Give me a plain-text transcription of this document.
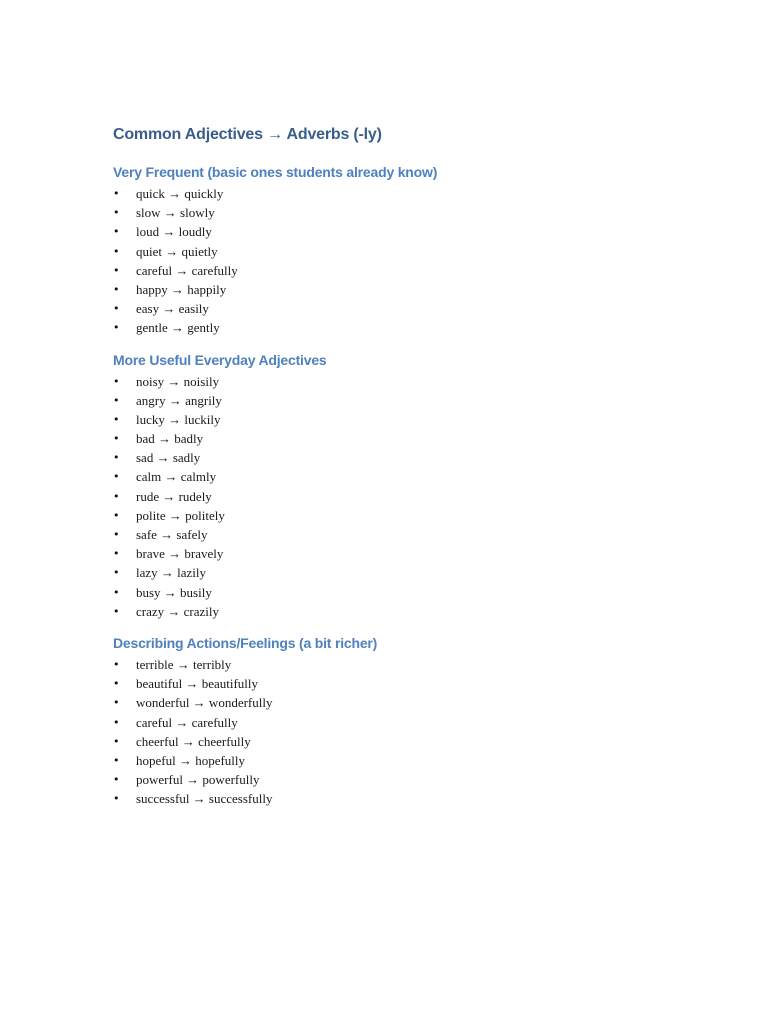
Common Adjectives → Adverbs (-ly)
Very Frequent (basic ones students already know)
• quick → quickly
• slow → slowly
• loud → loudly
• quiet → quietly
• careful → carefully
• happy → happily
• easy → easily
• gentle → gently
More Useful Everyday Adjectives
• noisy → noisily
• angry → angrily
• lucky → luckily
• bad → badly
• sad → sadly
• calm → calmly
• rude → rudely
• polite → politely
• safe → safely
• brave → bravely
• lazy → lazily
• busy → busily
• crazy → crazily
Describing Actions/Feelings (a bit richer)
• terrible → terribly
• beautiful → beautifully
• wonderful → wonderfully
• careful → carefully
• cheerful → cheerfully
• hopeful → hopefully
• powerful → powerfully
• successful → successfully
